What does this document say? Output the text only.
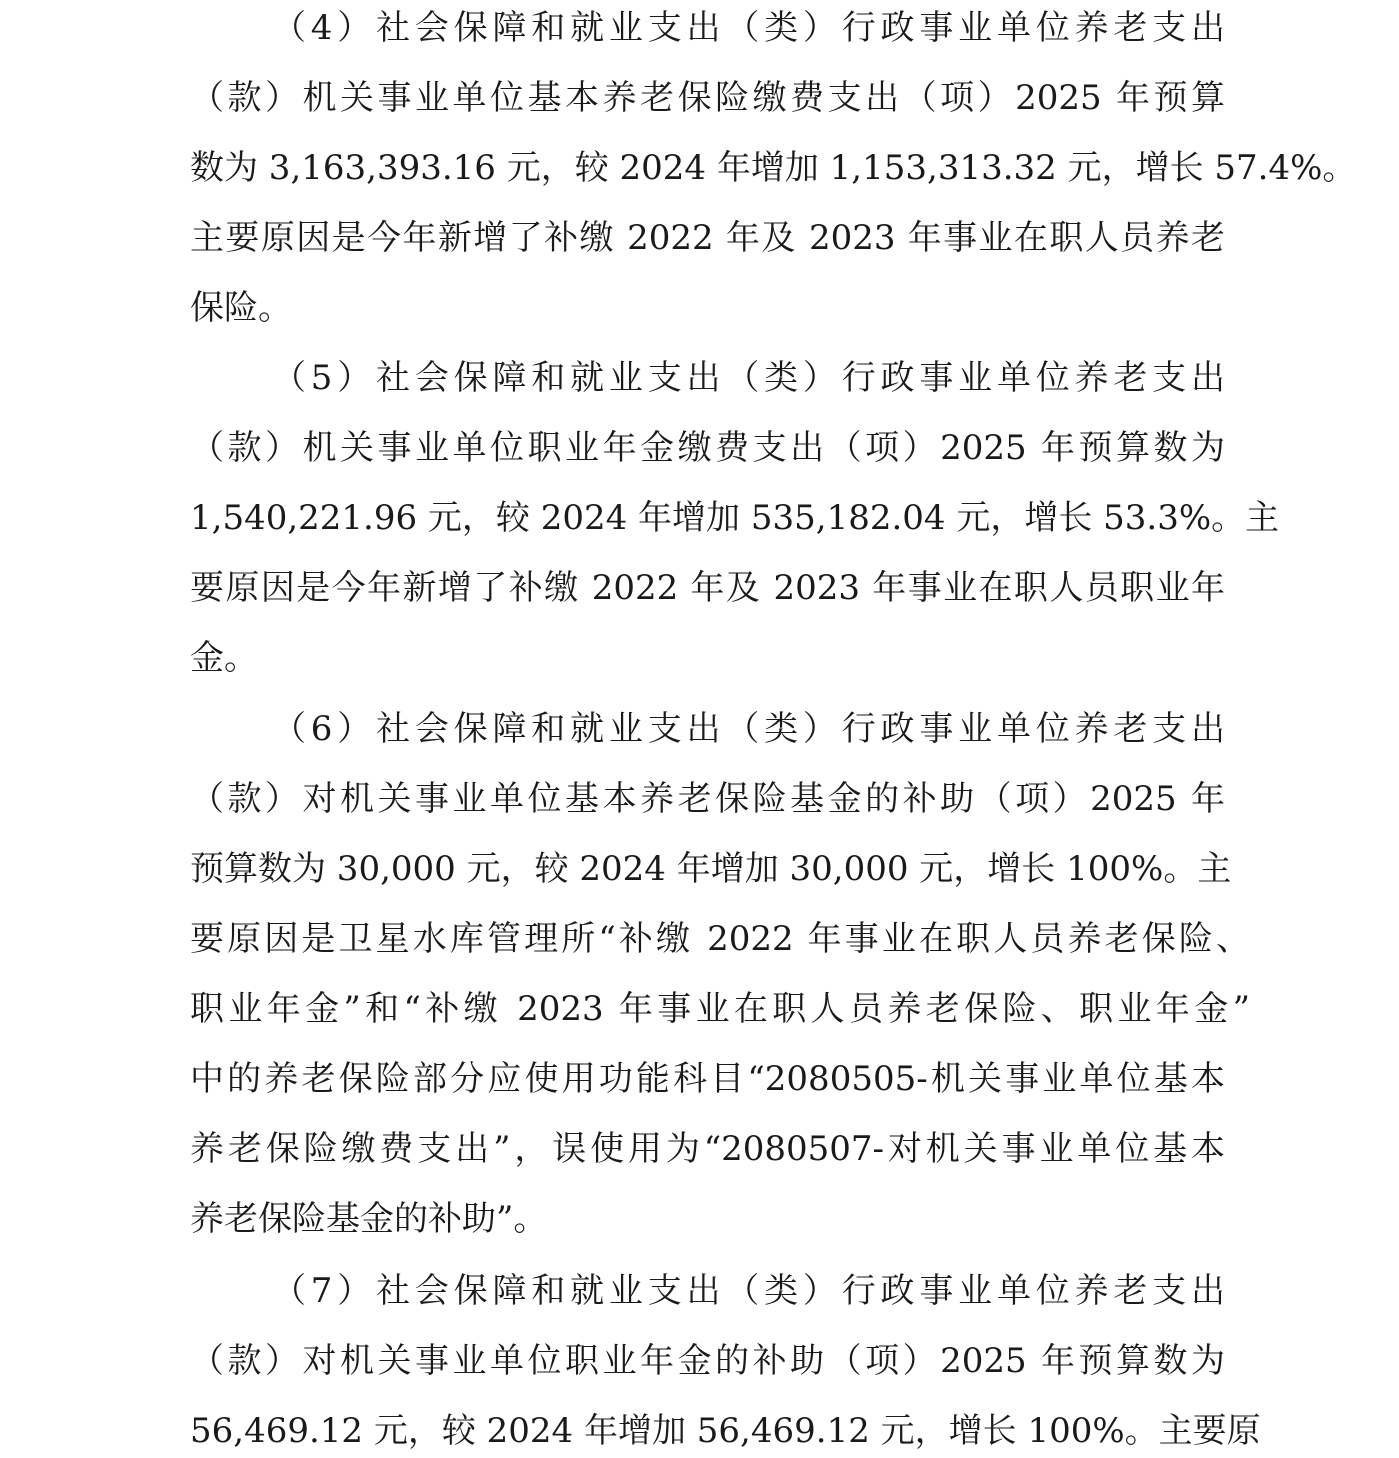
（4）社会保障和就业支出（类）行政事业单位养老支出
（款）机关事业单位基本养老保险缴费支出（项）2025 年预算
数为 3,163,393.16 元，较 2024 年增加 1,153,313.32 元，增长 57.4%。
主要原因是今年新增了补缴 2022 年及 2023 年事业在职人员养老
保险。
（5）社会保障和就业支出（类）行政事业单位养老支出
（款）机关事业单位职业年金缴费支出（项）2025 年预算数为
1,540,221.96 元，较 2024 年增加 535,182.04 元，增长 53.3%。主
要原因是今年新增了补缴 2022 年及 2023 年事业在职人员职业年
金。
（6）社会保障和就业支出（类）行政事业单位养老支出
（款）对机关事业单位基本养老保险基金的补助（项）2025 年
预算数为 30,000 元，较 2024 年增加 30,000 元，增长 100%。主
要原因是卫星水库管理所“补缴 2022 年事业在职人员养老保险、
职业年金”和“补缴 2023 年事业在职人员养老保险、职业年金”
中的养老保险部分应使用功能科目“2080505-机关事业单位基本
养老保险缴费支出”，误使用为“2080507-对机关事业单位基本
养老保险基金的补助”。
（7）社会保障和就业支出（类）行政事业单位养老支出
（款）对机关事业单位职业年金的补助（项）2025 年预算数为
56,469.12 元，较 2024 年增加 56,469.12 元，增长 100%。主要原
